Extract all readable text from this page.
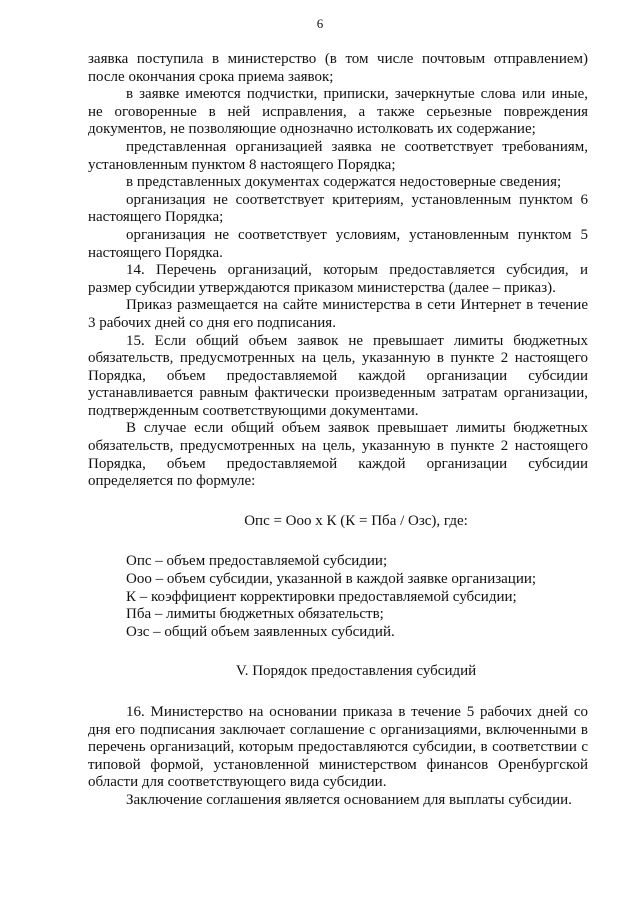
6

заявка поступила в министерство (в том числе почтовым отправлением) после окончания срока приема заявок;

в заявке имеются подчистки, приписки, зачеркнутые слова или иные, не оговоренные в ней исправления, а также серьезные повреждения документов, не позволяющие однозначно истолковать их содержание;

представленная организацией заявка не соответствует требованиям, установленным пунктом 8 настоящего Порядка;

в представленных документах содержатся недостоверные сведения;

организация не соответствует критериям, установленным пунктом 6 настоящего Порядка;

организация не соответствует условиям, установленным пунктом 5 настоящего Порядка.

14. Перечень организаций, которым предоставляется субсидия, и размер субсидии утверждаются приказом министерства (далее – приказ).

Приказ размещается на сайте министерства в сети Интернет в течение 3 рабочих дней со дня его подписания.

15. Если общий объем заявок не превышает лимиты бюджетных обязательств, предусмотренных на цель, указанную в пункте 2 настоящего Порядка, объем предоставляемой каждой организации субсидии устанавливается равным фактически произведенным затратам организации, подтвержденным соответствующими документами.

В случае если общий объем заявок превышает лимиты бюджетных обязательств, предусмотренных на цель, указанную в пункте 2 настоящего Порядка, объем предоставляемой каждой организации субсидии определяется по формуле:

Опс = Ооо х К (К = Пба / Озс), где:

Опс – объем предоставляемой субсидии;

Ооо – объем субсидии, указанной в каждой заявке организации;

К – коэффициент корректировки предоставляемой субсидии;

Пба – лимиты бюджетных обязательств;

Озс – общий объем заявленных субсидий.

V. Порядок предоставления субсидий

16. Министерство на основании приказа в течение 5 рабочих дней со дня его подписания заключает соглашение с организациями, включенными в перечень организаций, которым предоставляются субсидии, в соответствии с типовой формой, установленной министерством финансов Оренбургской области для соответствующего вида субсидии.

Заключение соглашения является основанием для выплаты субсидии.
